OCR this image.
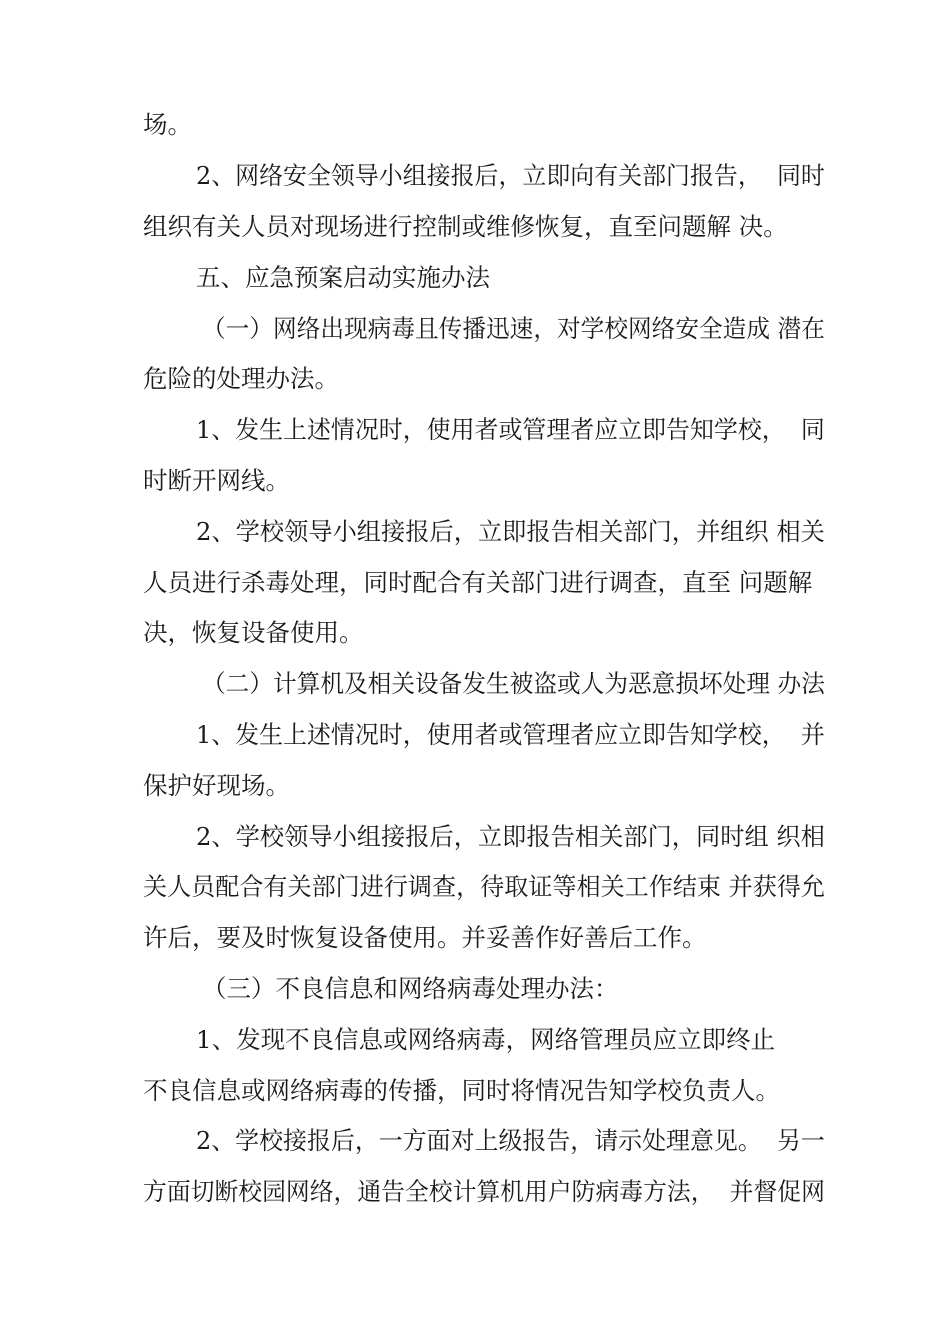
场。
2、网络安全领导小组接报后，立即向有关部门报告，  同时
组织有关人员对现场进行控制或维修恢复，直至问题解 决。
五、应急预案启动实施办法
（一）网络出现病毒且传播迅速，对学校网络安全造成 潜在
危险的处理办法。
1、发生上述情况时，使用者或管理者应立即告知学校，  同
时断开网线。
2、学校领导小组接报后，立即报告相关部门，并组织 相关
人员进行杀毒处理，同时配合有关部门进行调查，直至 问题解
决，恢复设备使用。
（二）计算机及相关设备发生被盗或人为恶意损坏处理 办法
1、发生上述情况时，使用者或管理者应立即告知学校，  并
保护好现场。
2、学校领导小组接报后，立即报告相关部门，同时组 织相
关人员配合有关部门进行调查，待取证等相关工作结束 并获得允
许后，要及时恢复设备使用。并妥善作好善后工作。
（三）不良信息和网络病毒处理办法：
1、发现不良信息或网络病毒，网络管理员应立即终止
不良信息或网络病毒的传播，同时将情况告知学校负责人。
2、学校接报后，一方面对上级报告，请示处理意见。  另一
方面切断校园网络，通告全校计算机用户防病毒方法，  并督促网
